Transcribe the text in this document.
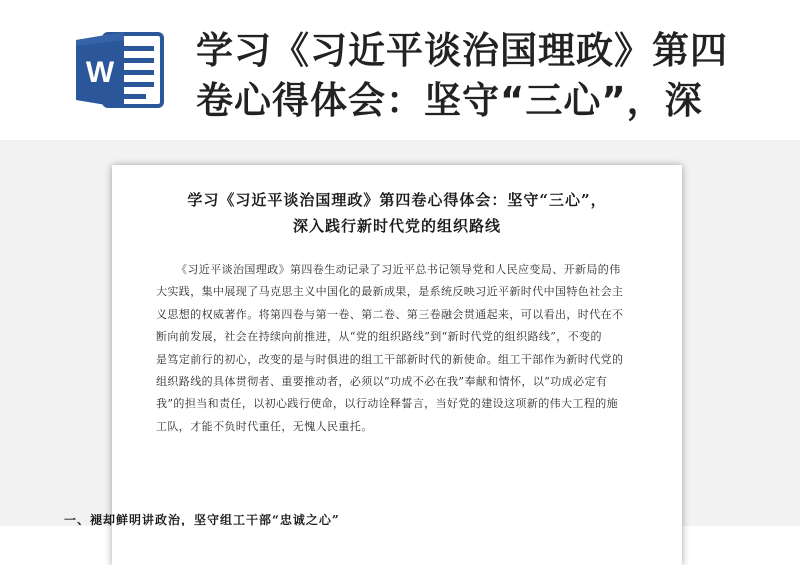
W
学习《习近平谈治国理政》第四
卷心得体会：坚守“三心”，深
学习《习近平谈治国理政》第四卷心得体会：坚守“三心”，
深入践行新时代党的组织路线
《习近平谈治国理政》第四卷生动记录了习近平总书记领导党和人民应变局、开新局的伟
大实践，集中展现了马克思主义中国化的最新成果，是系统反映习近平新时代中国特色社会主
义思想的权威著作。将第四卷与第一卷、第二卷、第三卷融会贯通起来，可以看出，时代在不
断向前发展，社会在持续向前推进，从“党的组织路线”到“新时代党的组织路线”，不变的
是笃定前行的初心，改变的是与时俱进的组工干部新时代的新使命。组工干部作为新时代党的
组织路线的具体贯彻者、重要推动者，必须以“功成不必在我”奉献和情怀，以“功成必定有
我”的担当和责任，以初心践行使命，以行动诠释誓言，当好党的建设这项新的伟大工程的施
工队，才能不负时代重任，无愧人民重托。
一、褪却鲜明讲政治，坚守组工干部“忠诚之心”
